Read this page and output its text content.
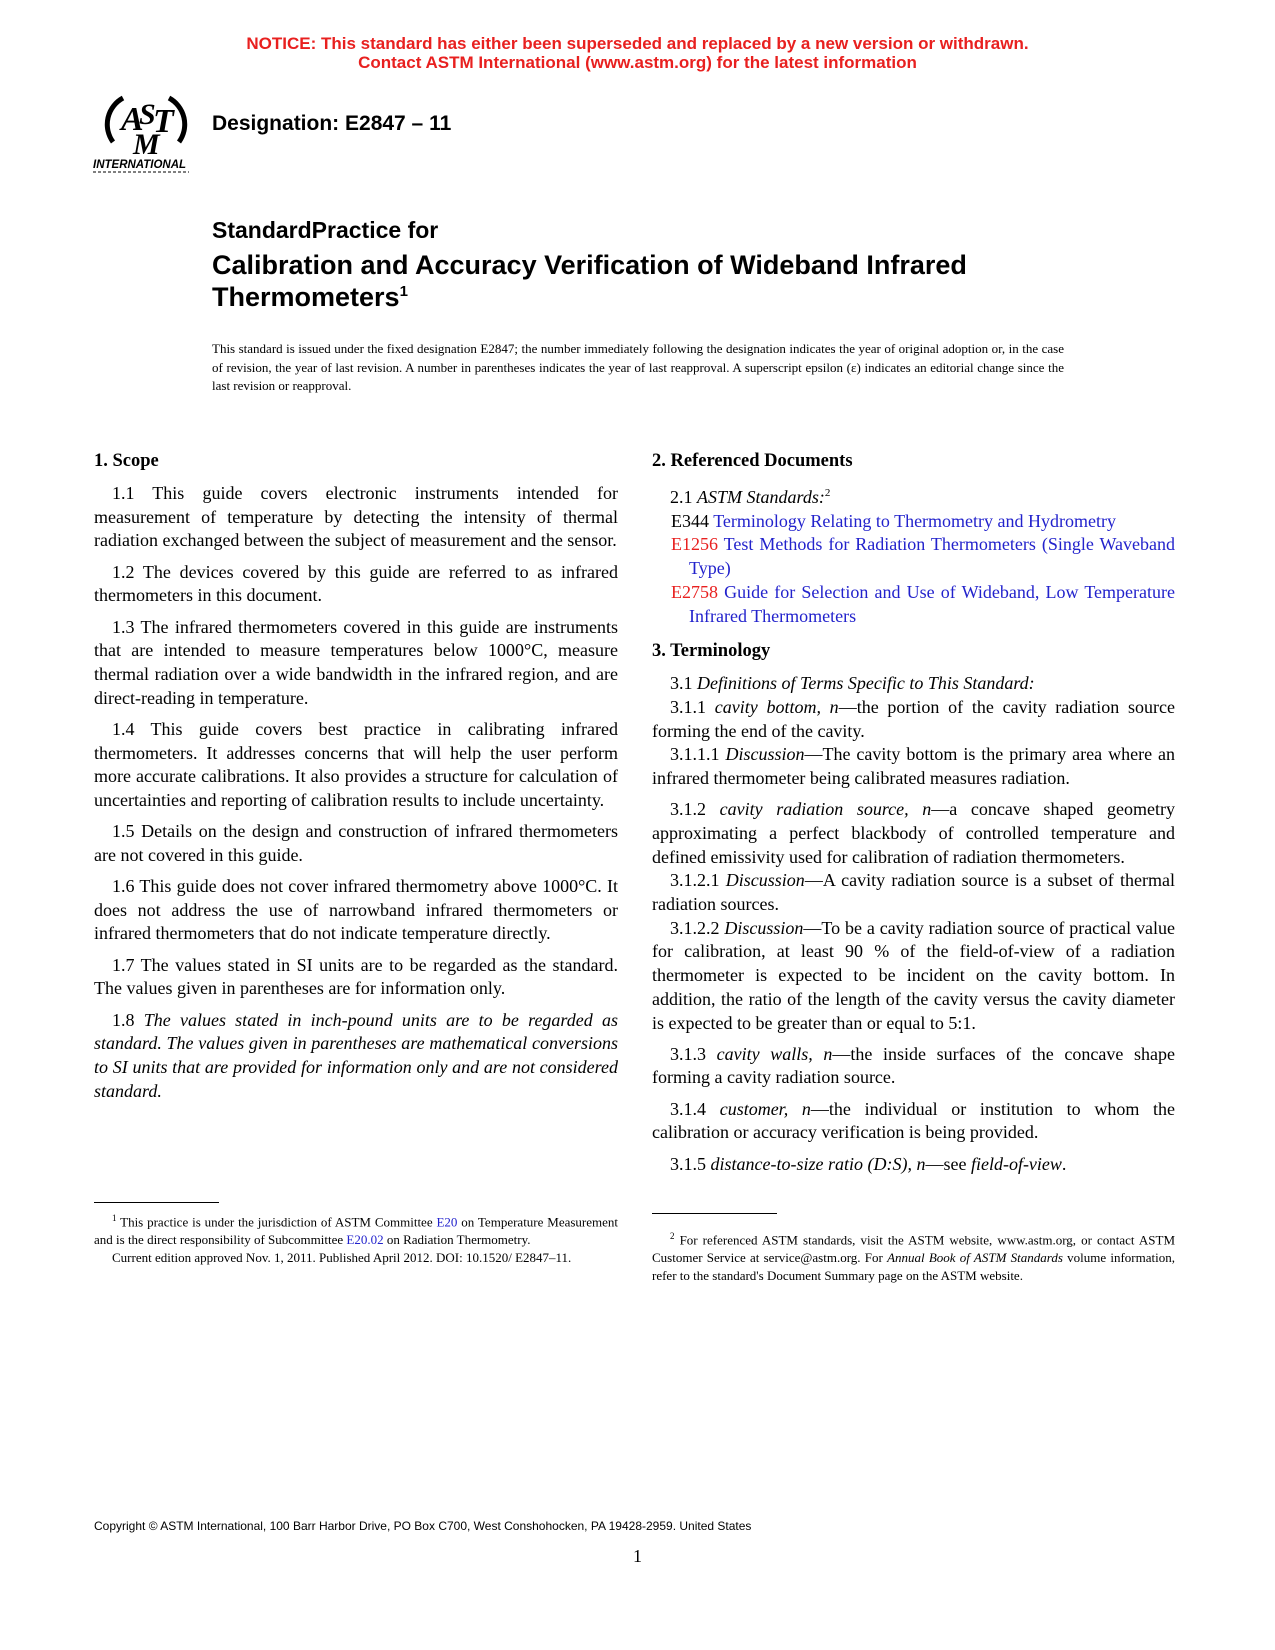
NOTICE: This standard has either been superseded and replaced by a new version or withdrawn.
Contact ASTM International (www.astm.org) for the latest information
A
S
T
M
INTERNATIONAL
Designation: E2847 – 11
StandardPractice for
Calibration and Accuracy Verification of Wideband Infrared Thermometers$^1$
This standard is issued under the fixed designation E2847; the number immediately following the designation indicates the year of original adoption or, in the case of revision, the year of last revision. A number in parentheses indicates the year of last reapproval. A superscript epsilon (ε) indicates an editorial change since the last revision or reapproval.
1. Scope

1.1 This guide covers electronic instruments intended for measurement of temperature by detecting the intensity of thermal radiation exchanged between the subject of measurement and the sensor.

1.2 The devices covered by this guide are referred to as infrared thermometers in this document.

1.3 The infrared thermometers covered in this guide are instruments that are intended to measure temperatures below 1000°C, measure thermal radiation over a wide bandwidth in the infrared region, and are direct-reading in temperature.

1.4 This guide covers best practice in calibrating infrared thermometers. It addresses concerns that will help the user perform more accurate calibrations. It also provides a structure for calculation of uncertainties and reporting of calibration results to include uncertainty.

1.5 Details on the design and construction of infrared thermometers are not covered in this guide.

1.6 This guide does not cover infrared thermometry above 1000°C. It does not address the use of narrowband infrared thermometers or infrared thermometers that do not indicate temperature directly.

1.7 The values stated in SI units are to be regarded as the standard. The values given in parentheses are for information only.

1.8 The values stated in inch-pound units are to be regarded as standard. The values given in parentheses are mathematical conversions to SI units that are provided for information only and are not considered standard.

2. Referenced Documents

2.1 ASTM Standards:$^2$

E344 Terminology Relating to Thermometry and Hydrometry

E1256 Test Methods for Radiation Thermometers (Single Waveband Type)

E2758 Guide for Selection and Use of Wideband, Low Temperature Infrared Thermometers

3. Terminology

3.1 Definitions of Terms Specific to This Standard:

3.1.1 cavity bottom, n—the portion of the cavity radiation source forming the end of the cavity.

3.1.1.1 Discussion—The cavity bottom is the primary area where an infrared thermometer being calibrated measures radiation.

3.1.2 cavity radiation source, n—a concave shaped geometry approximating a perfect blackbody of controlled temperature and defined emissivity used for calibration of radiation thermometers.

3.1.2.1 Discussion—A cavity radiation source is a subset of thermal radiation sources.

3.1.2.2 Discussion—To be a cavity radiation source of practical value for calibration, at least 90 % of the field-of-view of a radiation thermometer is expected to be incident on the cavity bottom. In addition, the ratio of the length of the cavity versus the cavity diameter is expected to be greater than or equal to 5:1.

3.1.3 cavity walls, n—the inside surfaces of the concave shape forming a cavity radiation source.

3.1.4 customer, n—the individual or institution to whom the calibration or accuracy verification is being provided.

3.1.5 distance-to-size ratio (D:S), n—see field-of-view.

$^1$ This practice is under the jurisdiction of ASTM Committee E20 on Temperature Measurement and is the direct responsibility of Subcommittee E20.02 on Radiation Thermometry.

Current edition approved Nov. 1, 2011. Published April 2012. DOI: 10.1520/ E2847–11.

$^2$ For referenced ASTM standards, visit the ASTM website, www.astm.org, or contact ASTM Customer Service at service@astm.org. For Annual Book of ASTM Standards volume information, refer to the standard's Document Summary page on the ASTM website.

Copyright © ASTM International, 100 Barr Harbor Drive, PO Box C700, West Conshohocken, PA 19428-2959. United States
1
